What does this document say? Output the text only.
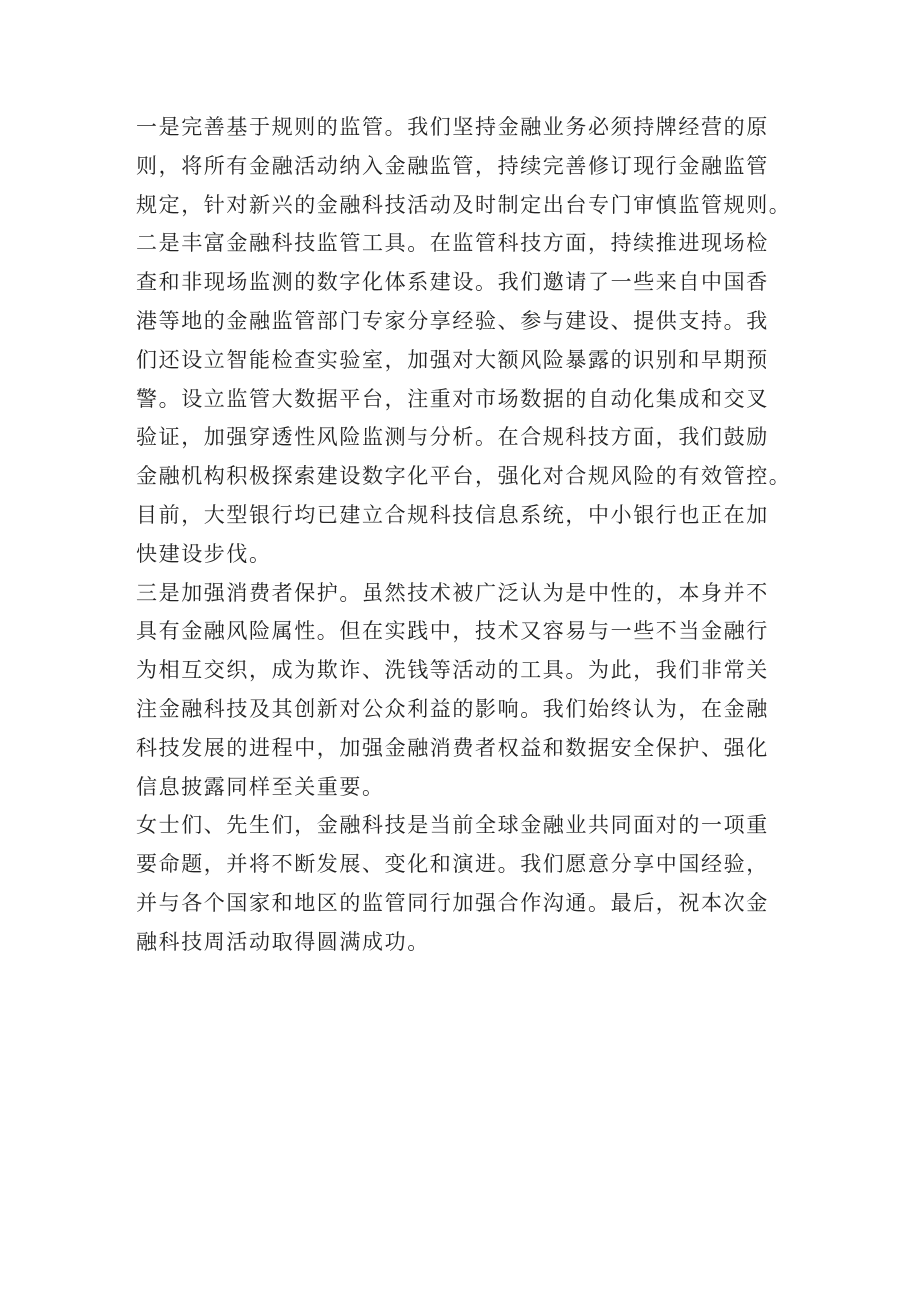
一是完善基于规则的监管。我们坚持金融业务必须持牌经营的原
则，将所有金融活动纳入金融监管，持续完善修订现行金融监管
规定，针对新兴的金融科技活动及时制定出台专门审慎监管规则。

二是丰富金融科技监管工具。在监管科技方面，持续推进现场检
查和非现场监测的数字化体系建设。我们邀请了一些来自中国香
港等地的金融监管部门专家分享经验、参与建设、提供支持。我
们还设立智能检查实验室，加强对大额风险暴露的识别和早期预
警。设立监管大数据平台，注重对市场数据的自动化集成和交叉
验证，加强穿透性风险监测与分析。在合规科技方面，我们鼓励
金融机构积极探索建设数字化平台，强化对合规风险的有效管控。
目前，大型银行均已建立合规科技信息系统，中小银行也正在加
快建设步伐。

三是加强消费者保护。虽然技术被广泛认为是中性的，本身并不
具有金融风险属性。但在实践中，技术又容易与一些不当金融行
为相互交织，成为欺诈、洗钱等活动的工具。为此，我们非常关
注金融科技及其创新对公众利益的影响。我们始终认为，在金融
科技发展的进程中，加强金融消费者权益和数据安全保护、强化
信息披露同样至关重要。

女士们、先生们，金融科技是当前全球金融业共同面对的一项重
要命题，并将不断发展、变化和演进。我们愿意分享中国经验，
并与各个国家和地区的监管同行加强合作沟通。最后，祝本次金
融科技周活动取得圆满成功。
